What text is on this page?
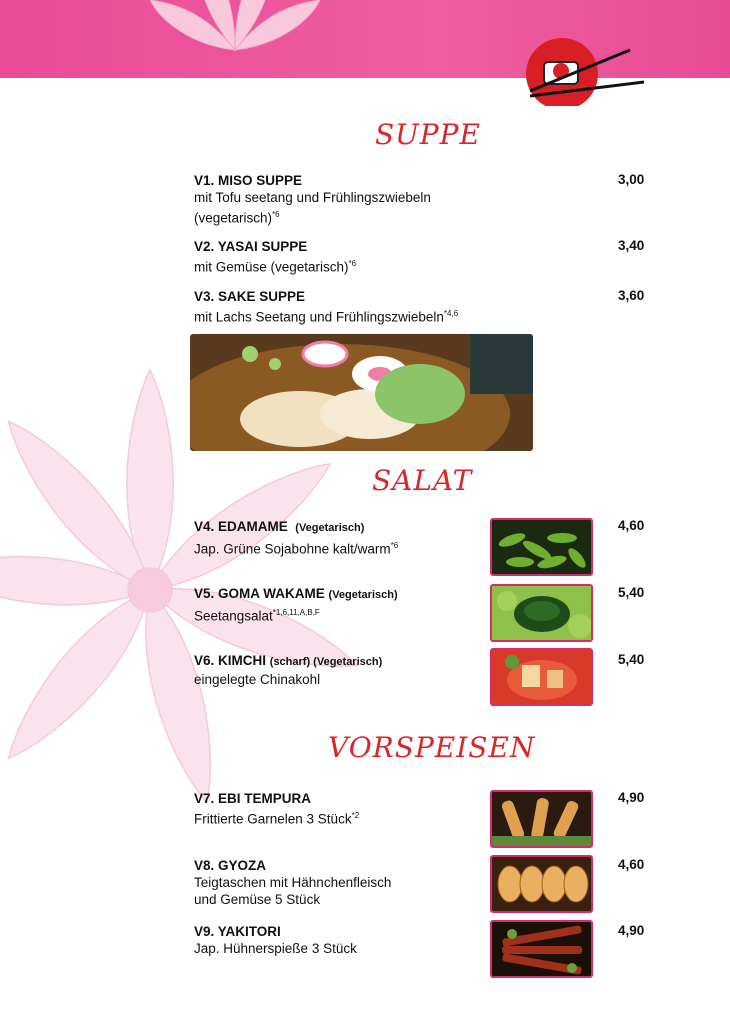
SUPPE
V1. MISO SUPPE
mit Tofu seetang und Frühlingszwiebeln
(vegetarisch)$^{*6}$
3,00
V2. YASAI SUPPE
mit Gemüse (vegetarisch)$^{*6}$
3,40
V3. SAKE SUPPE
mit Lachs Seetang und Frühlingszwiebeln$^{*4,6}$
3,60
SALAT
V4. EDAMAME (Vegetarisch)
Jap. Grüne Sojabohne kalt/warm$^{*6}$
4,60
V5. GOMA WAKAME (Vegetarisch)
Seetangsalat$^{*1,6,11,A,B,F}$
5,40
V6. KIMCHI (scharf) (Vegetarisch)
eingelegte Chinakohl
5,40
VORSPEISEN
V7. EBI TEMPURA
Frittierte Garnelen 3 Stück$^{*2}$
4,90
V8. GYOZA
Teigtaschen mit Hähnchenfleisch
und Gemüse 5 Stück
4,60
V9. YAKITORI
Jap. Hühnerspieße 3 Stück
4,90
